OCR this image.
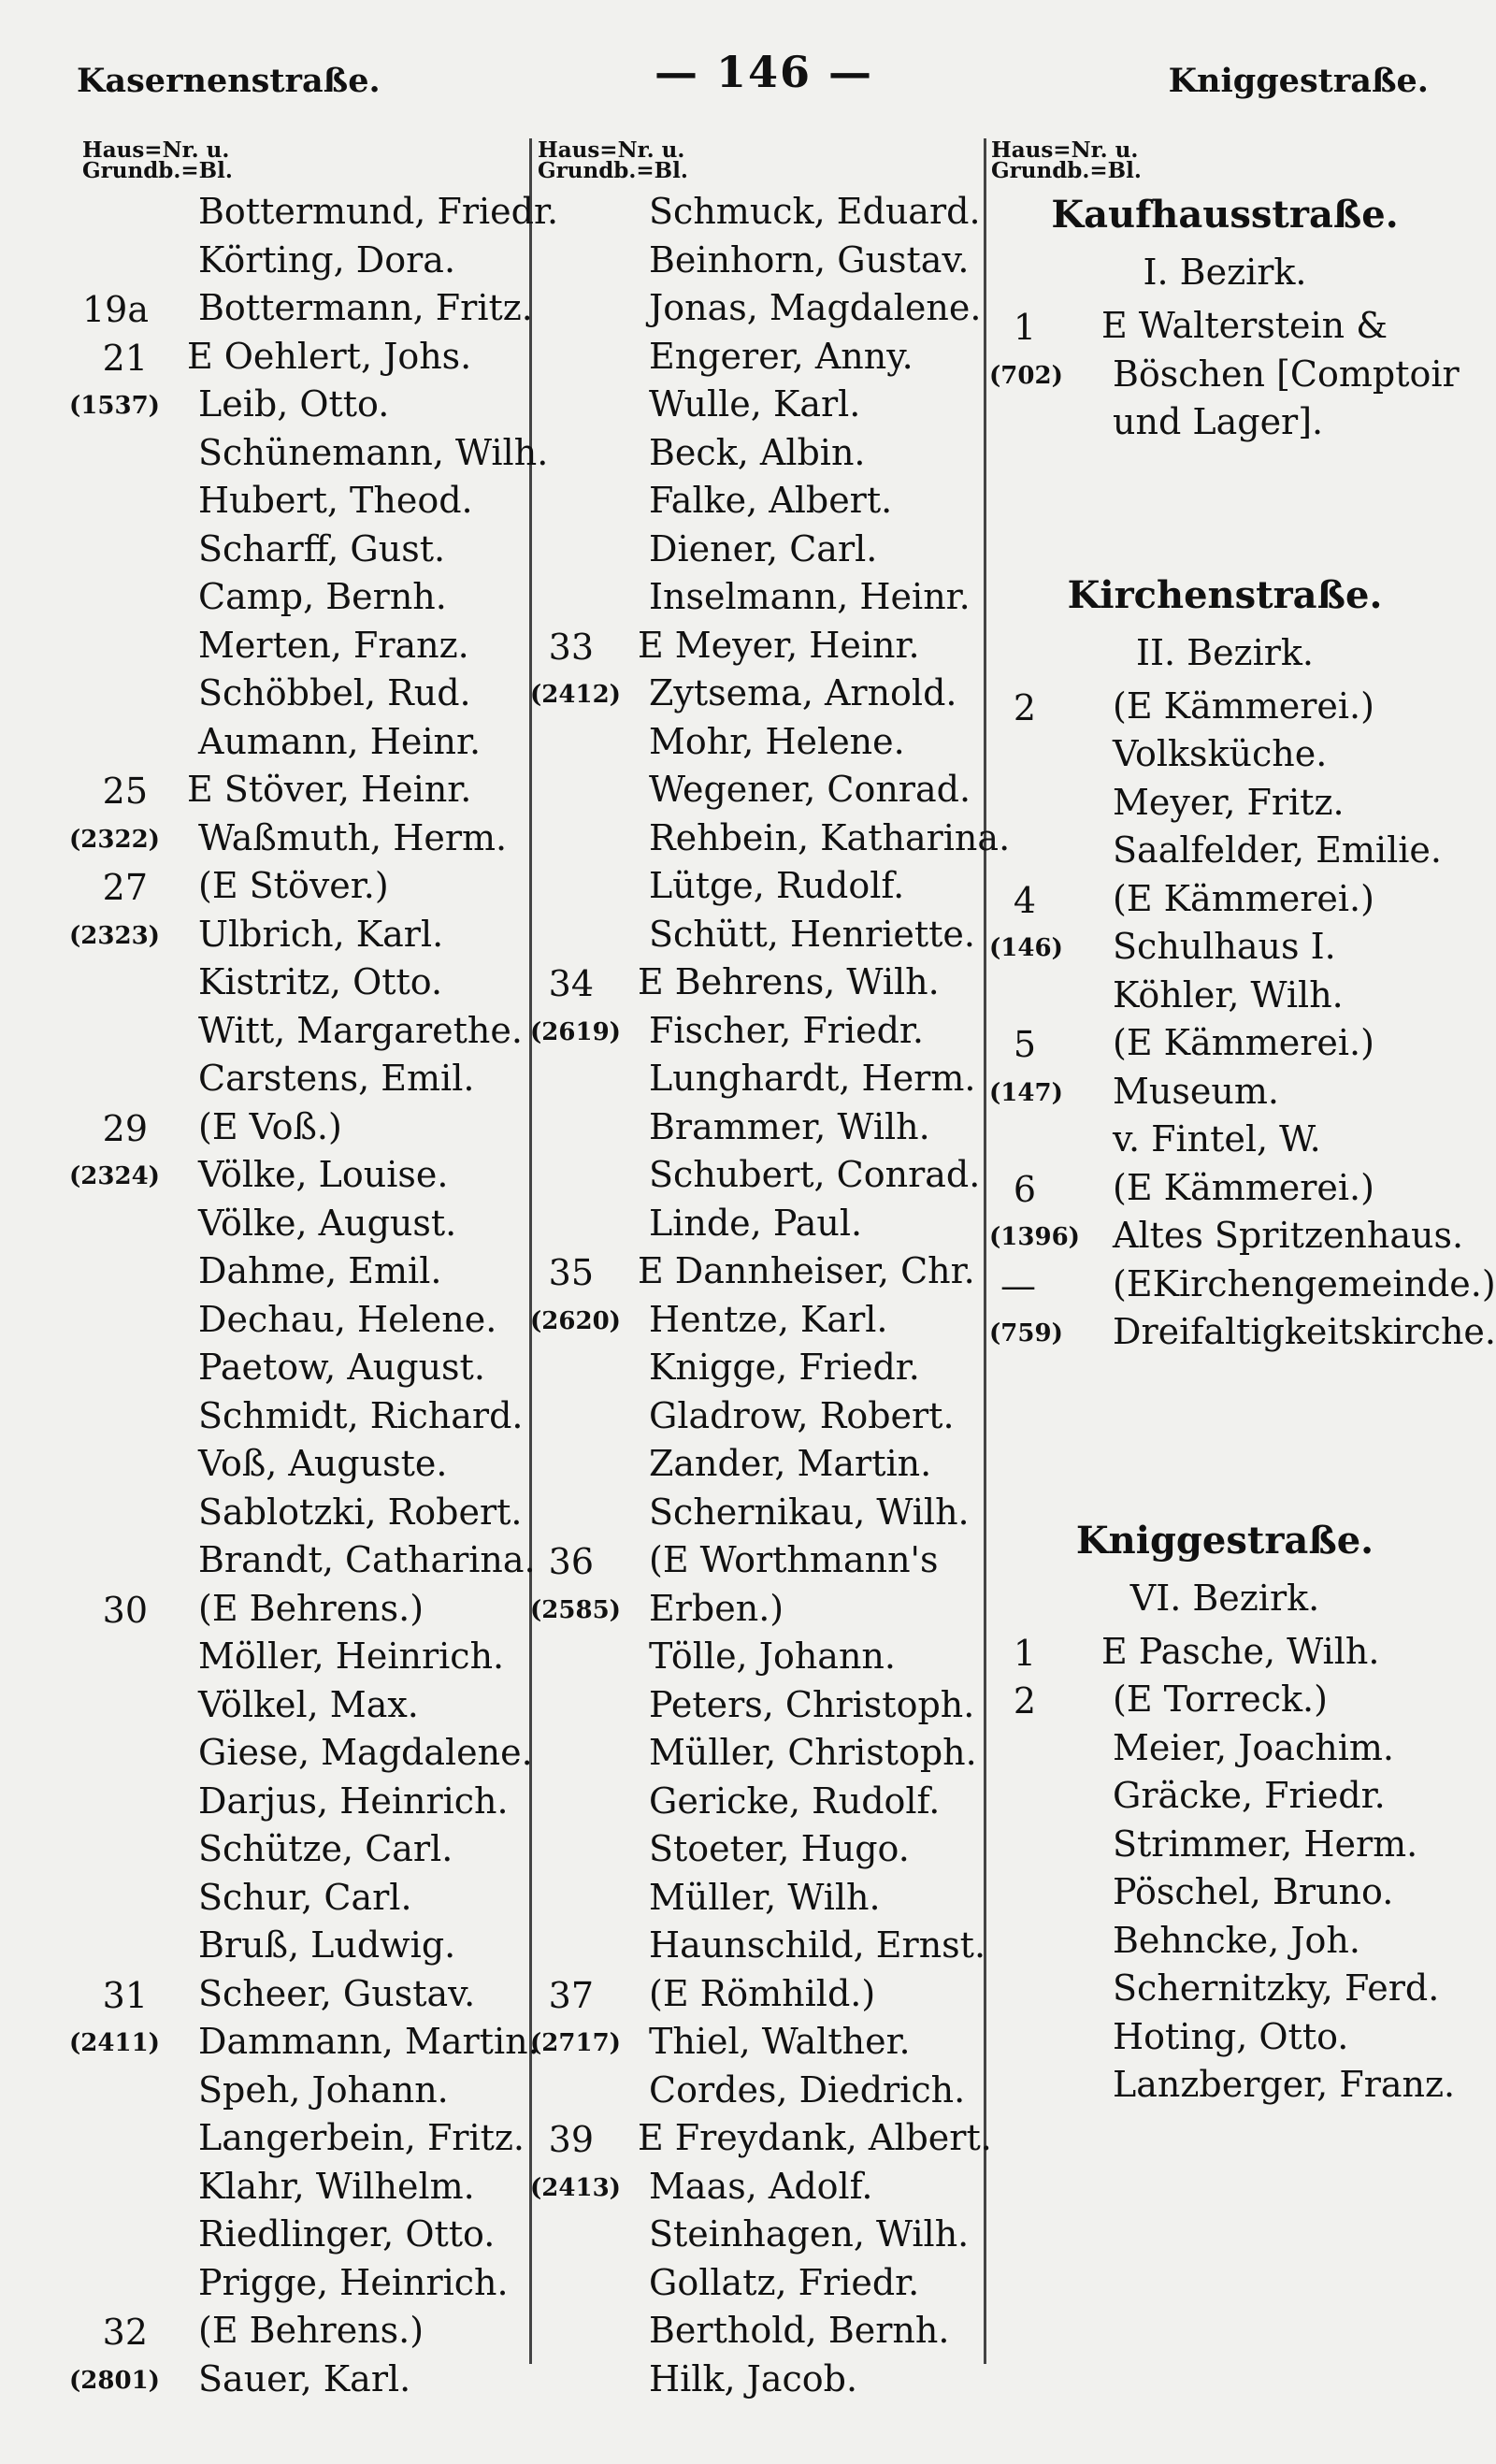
Kasernenstraße.	— 146 —	Kniggestraße.
Haus=Nr. u.
Grundb.=Bl.
Bottermund, Friedr.
Körting, Dora.
19a	Bottermann, Fritz.
21 E Oehlert, Johs.
(1537)	Leib, Otto.
Schünemann, Wilh.
Hubert, Theod.
Scharff, Gust.
Camp, Bernh.
Merten, Franz.
Schöbbel, Rud.
Aumann, Heinr.
25 E Stöver, Heinr.
(2322)	Waßmuth, Herm.
27	(E Stöver.)
(2323)	Ulbrich, Karl.
Kistritz, Otto.
Witt, Margarethe.
Carstens, Emil.
29	(E Voß.)
(2324)	Völke, Louise.
Völke, August.
Dahme, Emil.
Dechau, Helene.
Paetow, August.
Schmidt, Richard.
Voß, Auguste.
Sablotzki, Robert.
Brandt, Catharina.
30	(E Behrens.)
Möller, Heinrich.
Völkel, Max.
Giese, Magdalene.
Darjus, Heinrich.
Schütze, Carl.
Schur, Carl.
Bruß, Ludwig.
31	Scheer, Gustav.
(2411)	Dammann, Martin.
Speh, Johann.
Langerbein, Fritz.
Klahr, Wilhelm.
Riedlinger, Otto.
Prigge, Heinrich.
32	(E Behrens.)
(2801)	Sauer, Karl.
Haus=Nr. u.
Grundb.=Bl.
Schmuck, Eduard.
Beinhorn, Gustav.
Jonas, Magdalene.
Engerer, Anny.
Wulle, Karl.
Beck, Albin.
Falke, Albert.
Diener, Carl.
Inselmann, Heinr.
33 E Meyer, Heinr.
(2412) Zytsema, Arnold.
Mohr, Helene.
Wegener, Conrad.
Rehbein, Katharina.
Lütge, Rudolf.
Schütt, Henriette.
34 E Behrens, Wilh.
(2619) Fischer, Friedr.
Lunghardt, Herm.
Brammer, Wilh.
Schubert, Conrad.
Linde, Paul.
35 E Dannheiser, Chr.
(2620) Hentze, Karl.
Knigge, Friedr.
Gladrow, Robert.
Zander, Martin.
Schernikau, Wilh.
36	(E Worthmann's
(2585) Erben.)
Tölle, Johann.
Peters, Christoph.
Müller, Christoph.
Gericke, Rudolf.
Stoeter, Hugo.
Müller, Wilh.
Haunschild, Ernst.
37	(E Römhild.)
(2717) Thiel, Walther.
Cordes, Diedrich.
39 E Freydank, Albert.
(2413) Maas, Adolf.
Steinhagen, Wilh.
Gollatz, Friedr.
Berthold, Bernh.
Hilk, Jacob.
Haus=Nr. u.
Grundb.=Bl.
Kaufhausstraße.
I. Bezirk.
1 E Walterstein &
(702)	Böschen [Comptoir
und Lager].
Kirchenstraße.
II. Bezirk.
2	(E Kämmerei.)
Volksküche.
Meyer, Fritz.
Saalfelder, Emilie.
4	(E Kämmerei.)
(146)	Schulhaus I.
Köhler, Wilh.
5	(E Kämmerei.)
(147)	Museum.
v. Fintel, W.
6	(E Kämmerei.)
(1396) Altes Spritzenhaus.
—	(EKirchengemeinde.)
(759)	Dreifaltigkeitskirche.
Kniggestraße.
VI. Bezirk.
1 E Pasche, Wilh.
2	(E Torreck.)
Meier, Joachim.
Gräcke, Friedr.
Strimmer, Herm.
Pöschel, Bruno.
Behncke, Joh.
Schernitzky, Ferd.
Hoting, Otto.
Lanzberger, Franz.
